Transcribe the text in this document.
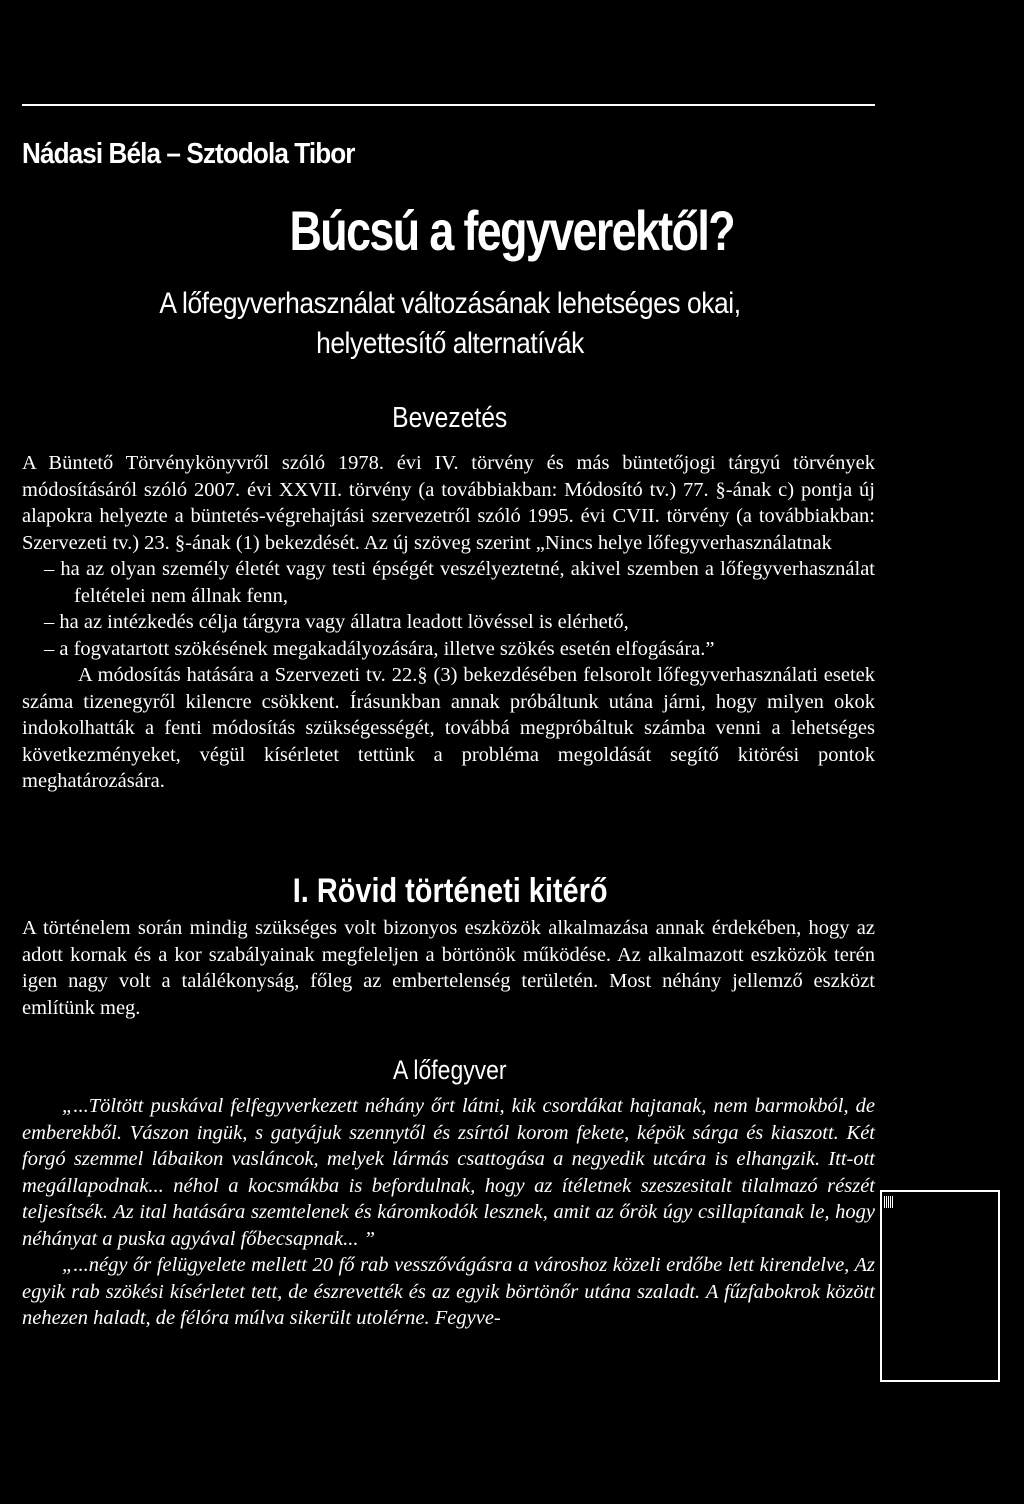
Nádasi Béla – Sztodola Tibor
Búcsú a fegyverektől?
A lőfegyverhasználat változásának lehetséges okai,
helyettesítő alternatívák
Bevezetés

A Büntető Törvénykönyvről szóló 1978. évi IV. törvény és más büntetőjogi tárgyú törvények módosításáról szóló 2007. évi XXVII. törvény (a továbbiakban: Módosító tv.) 77. §-ának c) pontja új alapokra helyezte a büntetés-végrehajtási szervezetről szóló 1995. évi CVII. törvény (a továbbiakban: Szervezeti tv.) 23. §-ának (1) bekezdését. Az új szöveg szerint „Nincs helye lőfegyverhasználatnak

– ha az olyan személy életét vagy testi épségét veszélyeztetné, akivel szemben a lőfegyverhasználat feltételei nem állnak fenn,

– ha az intézkedés célja tárgyra vagy állatra leadott lövéssel is elérhető,

– a fogvatartott szökésének megakadályozására, illetve szökés esetén elfogására.”

A módosítás hatására a Szervezeti tv. 22.§ (3) bekezdésében felsorolt lőfegyverhasználati esetek száma tizenegyről kilencre csökkent. Írásunkban annak próbáltunk utána járni, hogy milyen okok indokolhatták a fenti módosítás szükségességét, továbbá megpróbáltuk számba venni a lehetséges következményeket, végül kísérletet tettünk a probléma megoldását segítő kitörési pontok meghatározására.

I. Rövid történeti kitérő

A történelem során mindig szükséges volt bizonyos eszközök alkalmazása annak érdekében, hogy az adott kornak és a kor szabályainak megfeleljen a börtönök működése. Az alkalmazott eszközök terén igen nagy volt a találékonyság, főleg az embertelenség területén. Most néhány jellemző eszközt említünk meg.

A lőfegyver

„...Töltött puskával felfegyverkezett néhány őrt látni, kik csordákat hajtanak, nem barmokból, de emberekből. Vászon ingük, s gatyájuk szennytől és zsírtól korom fekete, képök sárga és kiaszott. Két forgó szemmel lábaikon vasláncok, melyek lármás csattogása a negyedik utcára is elhangzik. Itt-ott megállapodnak... néhol a kocsmákba is befordulnak, hogy az ítéletnek szeszesitalt tilalmazó részét teljesítsék. Az ital hatására szemtelenek és káromkodók lesznek, amit az őrök úgy csillapítanak le, hogy néhányat a puska agyával főbecsapnak... ”

„...négy őr felügyelete mellett 20 fő rab vesszővágásra a városhoz közeli erdőbe lett kirendelve, Az egyik rab szökési kísérletet tett, de észrevették és az egyik börtönőr utána szaladt. A fűzfabokrok között nehezen haladt, de félóra múlva sikerült utolérne. Fegyve-
